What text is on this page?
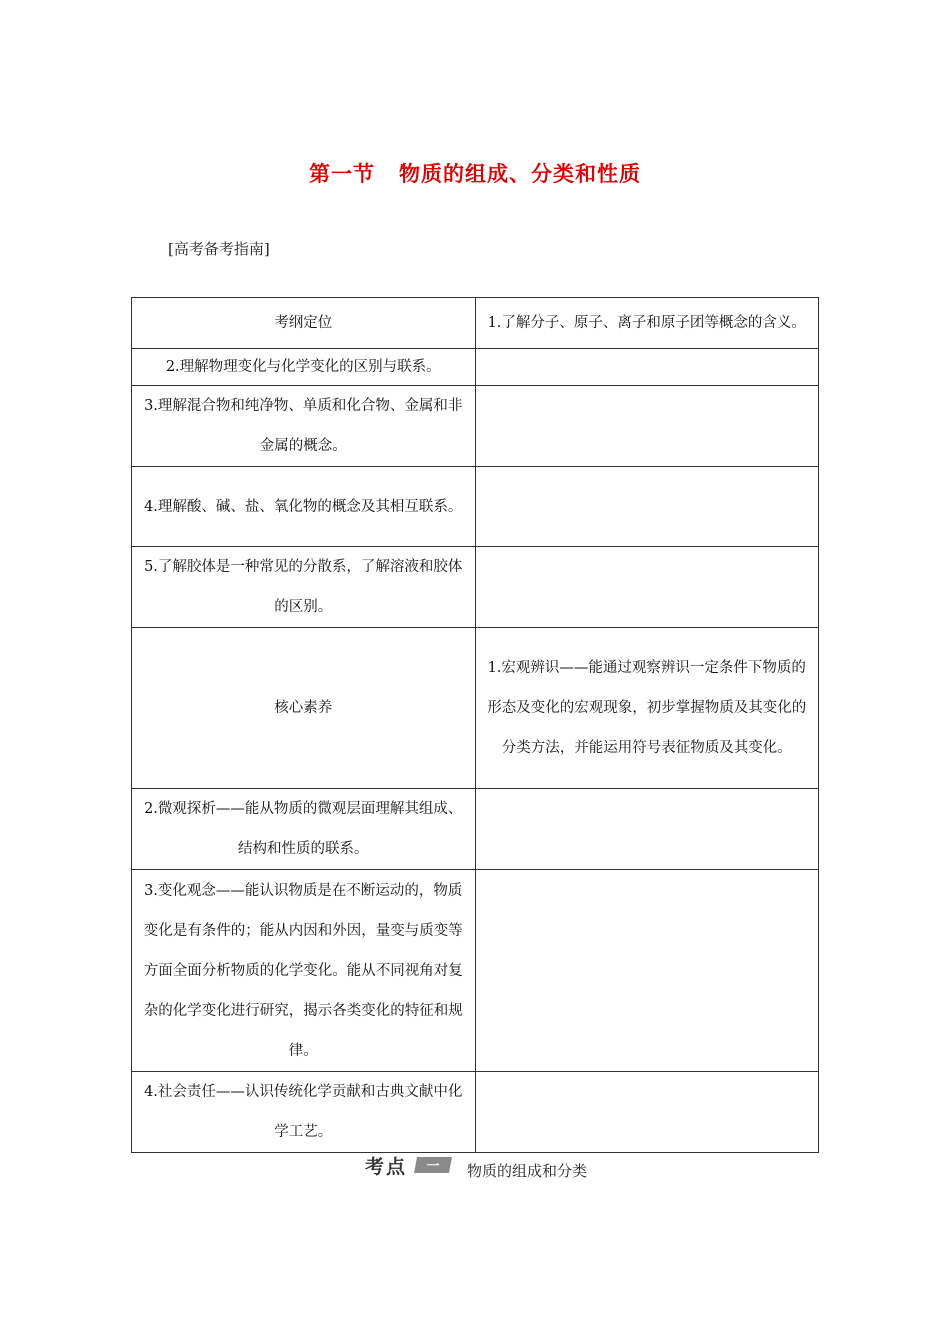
第一节 物质的组成、分类和性质
[高考备考指南]
考纲定位	1.了解分子、原子、离子和原子团等概念的含义。
2.理解物理变化与化学变化的区别与联系。	
3.理解混合物和纯净物、单质和化合物、金属和非金属的概念。	
4.理解酸、碱、盐、氧化物的概念及其相互联系。	
5.了解胶体是一种常见的分散系，了解溶液和胶体的区别。	
核心素养	1.宏观辨识——能通过观察辨识一定条件下物质的形态及变化的宏观现象，初步掌握物质及其变化的分类方法，并能运用符号表征物质及其变化。
2.微观探析——能从物质的微观层面理解其组成、结构和性质的联系。	
3.变化观念——能认识物质是在不断运动的，物质变化是有条件的；能从内因和外因，量变与质变等方面全面分析物质的化学变化。能从不同视角对复杂的化学变化进行研究，揭示各类变化的特征和规律。	
4.社会责任——认识传统化学贡献和古典文献中化学工艺。	
考点 一 物质的组成和分类
